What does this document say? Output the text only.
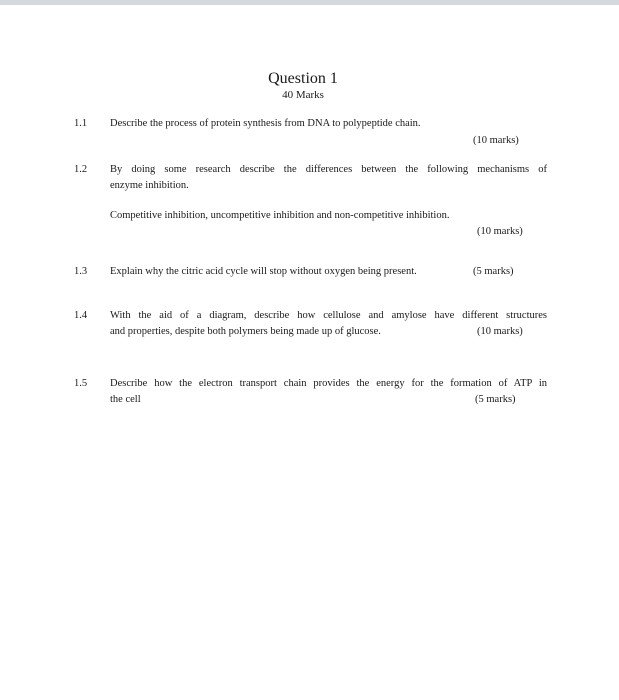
Question 1
40 Marks
1.1 Describe the process of protein synthesis from DNA to polypeptide chain.
(10 marks)
1.2 By doing some research describe the differences between the following mechanisms of
enzyme inhibition.
Competitive inhibition, uncompetitive inhibition and non-competitive inhibition.
(10 marks)
1.3 Explain why the citric acid cycle will stop without oxygen being present.	(5 marks)
1.4 With the aid of a diagram, describe how cellulose and amylose have different structures
and properties, despite both polymers being made up of glucose.	(10 marks)
1.5 Describe how the electron transport chain provides the energy for the formation of ATP in
the cell	(5 marks)
